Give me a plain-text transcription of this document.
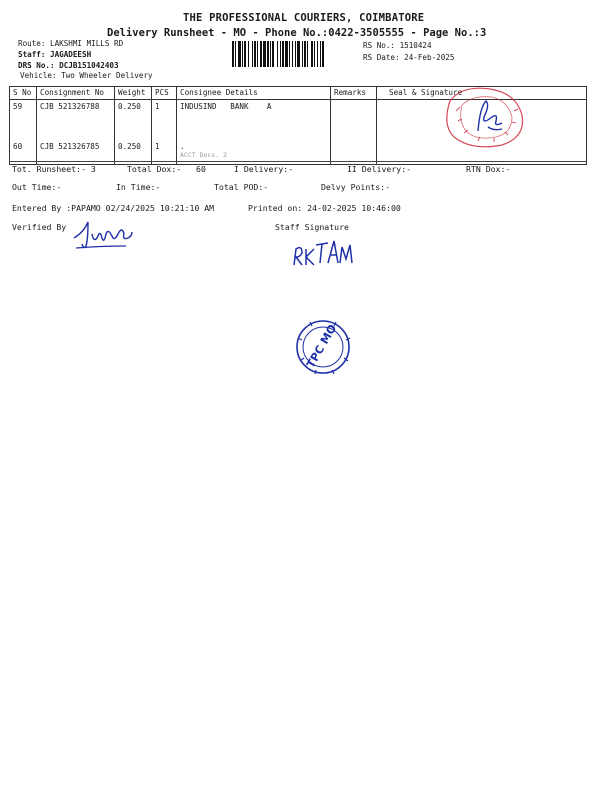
THE PROFESSIONAL COURIERS, COIMBATORE
Delivery Runsheet - MO - Phone No.:0422-3505555 - Page No.:3
Route: LAKSHMI MILLS RD
Staff: JAGADEESH
DRS No.: DCJB151042403
Vehicle: Two Wheeler Delivery
RS No.: 1510424
RS Date: 24-Feb-2025
S No	Consignment No	Weight	PCS	Consignee Details	Remarks	Seal & Signature
59	CJB 521326788	0.250	1	INDUSIND   BANK    A		
60	CJB 521326785	0.250	1	.
ACCT Docs. 2		

Tot. Runsheet:- 3	Total Dox:-   60	I Delivery:-	II Delivery:-	RTN Dox:-
Out Time:-	In Time:-	Total POD:-	Delvy Points:-
Entered By :PAPAMO 02/24/2025 10:21:10 AM	Printed on: 24-02-2025 10:46:00
Verified By	Staff Signature
TPC MO
